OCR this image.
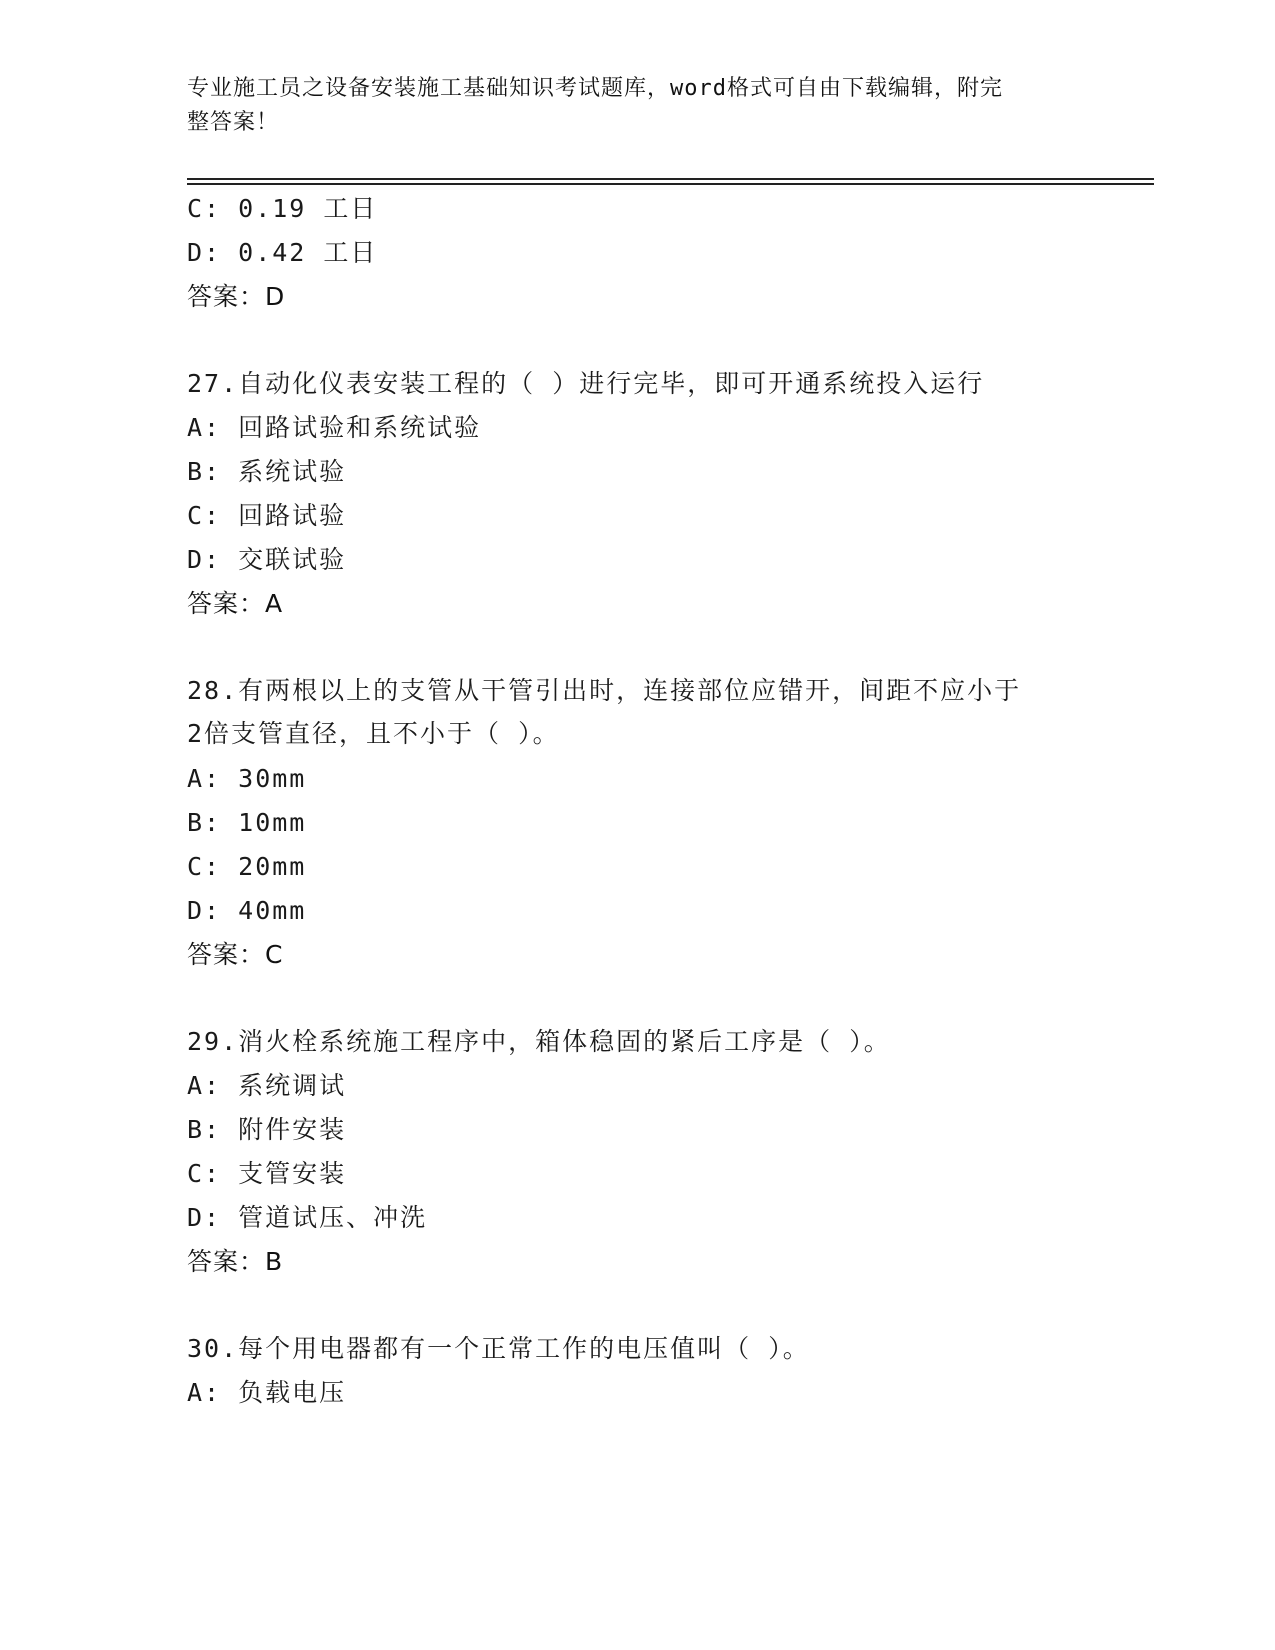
专业施工员之设备安装施工基础知识考试题库，word格式可自由下载编辑，附完
整答案！
C: 0.19 工日
D: 0.42 工日
答案：D
27.自动化仪表安装工程的（ ）进行完毕，即可开通系统投入运行
A: 回路试验和系统试验
B: 系统试验
C: 回路试验
D: 交联试验
答案：A
28.有两根以上的支管从干管引出时，连接部位应错开，间距不应小于
2倍支管直径，且不小于（ ）。
A: 30mm
B: 10mm
C: 20mm
D: 40mm
答案：C
29.消火栓系统施工程序中，箱体稳固的紧后工序是（ ）。
A: 系统调试
B: 附件安装
C: 支管安装
D: 管道试压、冲洗
答案：B
30.每个用电器都有一个正常工作的电压值叫（ ）。
A: 负载电压
